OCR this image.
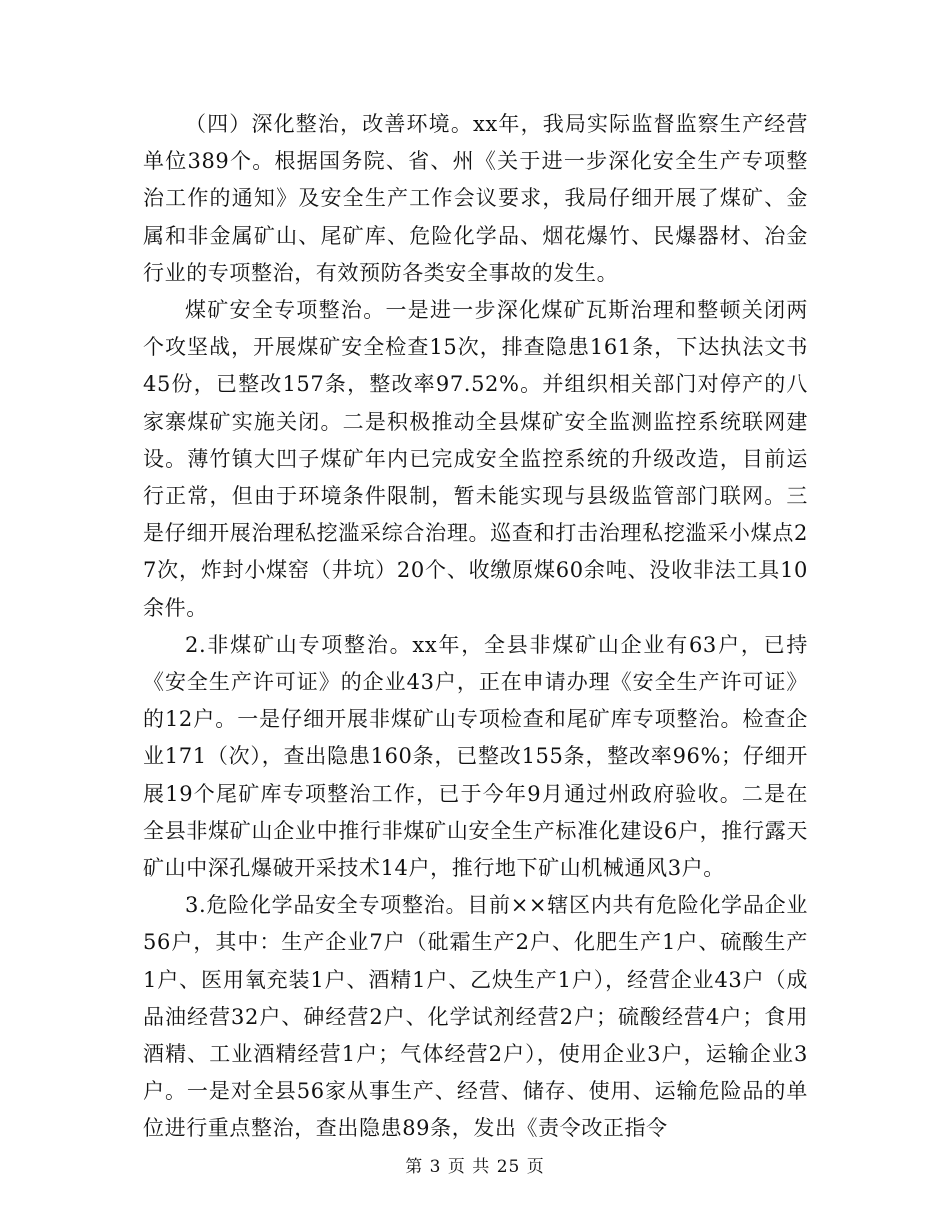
（四）深化整治，改善环境。xx年，我局实际监督监察生产经营单位389个。根据国务院、省、州《关于进一步深化安全生产专项整治工作的通知》及安全生产工作会议要求，我局仔细开展了煤矿、金属和非金属矿山、尾矿库、危险化学品、烟花爆竹、民爆器材、冶金行业的专项整治，有效预防各类安全事故的发生。

煤矿安全专项整治。一是进一步深化煤矿瓦斯治理和整顿关闭两个攻坚战，开展煤矿安全检查15次，排查隐患161条，下达执法文书45份，已整改157条，整改率97.52%。并组织相关部门对停产的八家寨煤矿实施关闭。二是积极推动全县煤矿安全监测监控系统联网建设。薄竹镇大凹子煤矿年内已完成安全监控系统的升级改造，目前运行正常，但由于环境条件限制，暂未能实现与县级监管部门联网。三是仔细开展治理私挖滥采综合治理。巡查和打击治理私挖滥采小煤点27次，炸封小煤窑（井坑）20个、收缴原煤60余吨、没收非法工具10余件。

2.非煤矿山专项整治。xx年，全县非煤矿山企业有63户，已持《安全生产许可证》的企业43户，正在申请办理《安全生产许可证》的12户。一是仔细开展非煤矿山专项检查和尾矿库专项整治。检查企业171（次），查出隐患160条，已整改155条，整改率96%；仔细开展19个尾矿库专项整治工作，已于今年9月通过州政府验收。二是在全县非煤矿山企业中推行非煤矿山安全生产标准化建设6户，推行露天矿山中深孔爆破开采技术14户，推行地下矿山机械通风3户。

3.危险化学品安全专项整治。目前××辖区内共有危险化学品企业56户，其中：生产企业7户（砒霜生产2户、化肥生产1户、硫酸生产1户、医用氧充装1户、酒精1户、乙炔生产1户），经营企业43户（成品油经营32户、砷经营2户、化学试剂经营2户；硫酸经营4户；食用酒精、工业酒精经营1户；气体经营2户），使用企业3户，运输企业3户。一是对全县56家从事生产、经营、储存、使用、运输危险品的单位进行重点整治，查出隐患89条，发出《责令改正指令

第 3 页 共 25 页
